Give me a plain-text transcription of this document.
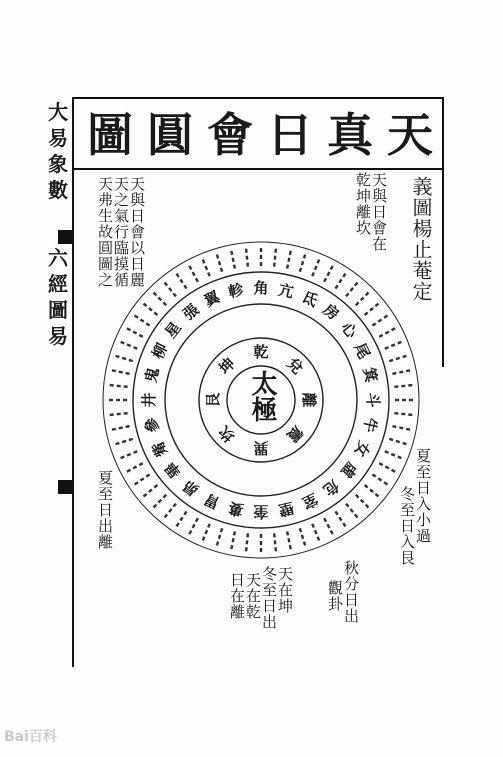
六
經
圖
易
大
易
象
數
天
真
日
會
圓
圖
義圖楊止菴定
天與日會在
乾坤離坎
天與日會以日麗
天之氣行臨摸循
天弗生故圓圖之
夏至日出離	夏至日入小過
冬至日入艮
秋分日出
觀卦
天在坤
冬至日出
天在乾
日在離
太極
乾
兌
離
震
巽
坎
艮
坤
角 亢 氐
房
心
尾
箕
斗
牛
女
虛
危
室
壁
奎
婁
胃
昴
畢
觜
參
井
鬼
柳
星
張
翼 軫
Bai百科
